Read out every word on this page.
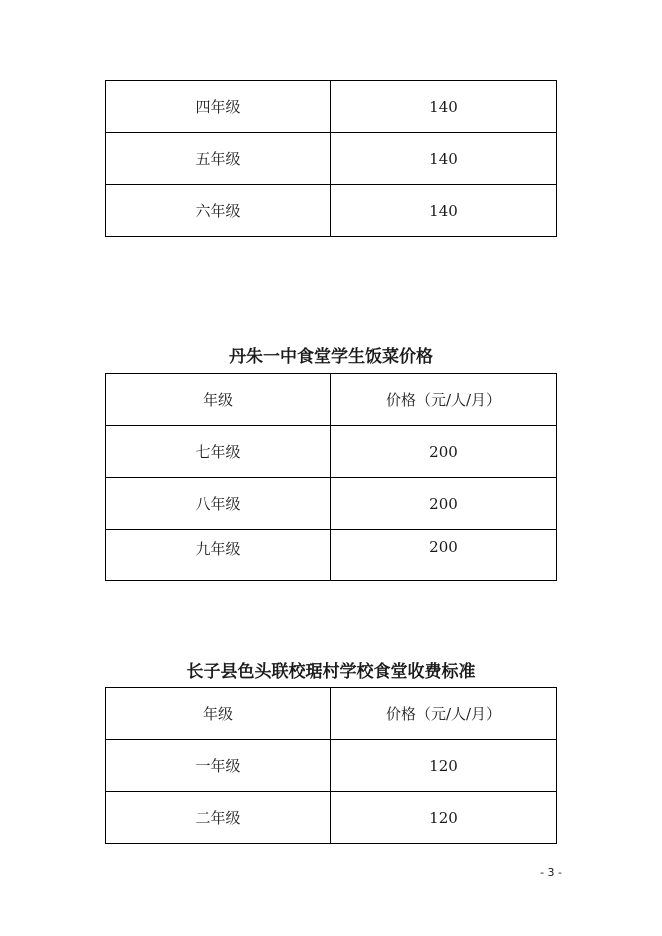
四年级	140
五年级	140
六年级	140
丹朱一中食堂学生饭菜价格
年级	价格（元/人/月）
七年级	200
八年级	200
九年级	200
长子县色头联校琚村学校食堂收费标准
年级	价格（元/人/月）
一年级	120
二年级	120
- 3 -
